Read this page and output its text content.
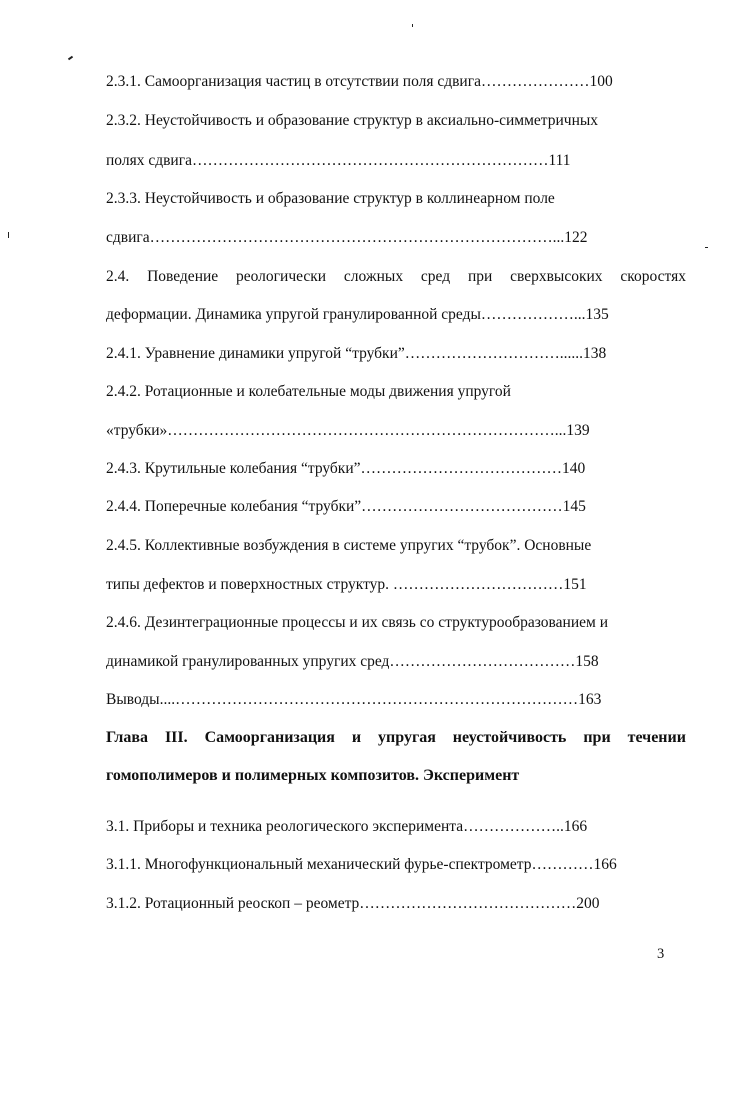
2.3.1. Самоорганизация частиц в отсутствии поля сдвига…………………100
2.3.2. Неустойчивость и образование структур в аксиально-симметричных
полях сдвига……………………………………………………………111
2.3.3. Неустойчивость и образование структур в коллинеарном поле
сдвига……………………………………………………………………...122
2.4. Поведение реологически сложных сред при сверхвысоких скоростях
деформации. Динамика упругой гранулированной среды………………...135
2.4.1. Уравнение динамики упругой “трубки”…………………………......138
2.4.2. Ротационные и колебательные моды движения упругой
«трубки»…………………………………………………………………...139
2.4.3. Крутильные колебания “трубки”…………………………………140
2.4.4. Поперечные колебания “трубки”…………………………………145
2.4.5. Коллективные возбуждения в системе упругих “трубок”. Основные
типы дефектов и поверхностных структур. ……………………………151
2.4.6. Дезинтеграционные процессы и их связь со структурообразованием и
динамикой гранулированных упругих сред………………………………158
Выводы....……………………………………………………………………163
Глава III. Самоорганизация и упругая неустойчивость при течении
гомополимеров и полимерных композитов. Эксперимент
3.1. Приборы и техника реологического эксперимента………………..166
3.1.1. Многофункциональный механический фурье-спектрометр…………166
3.1.2. Ротационный реоскоп – реометр……………………………………200
3
